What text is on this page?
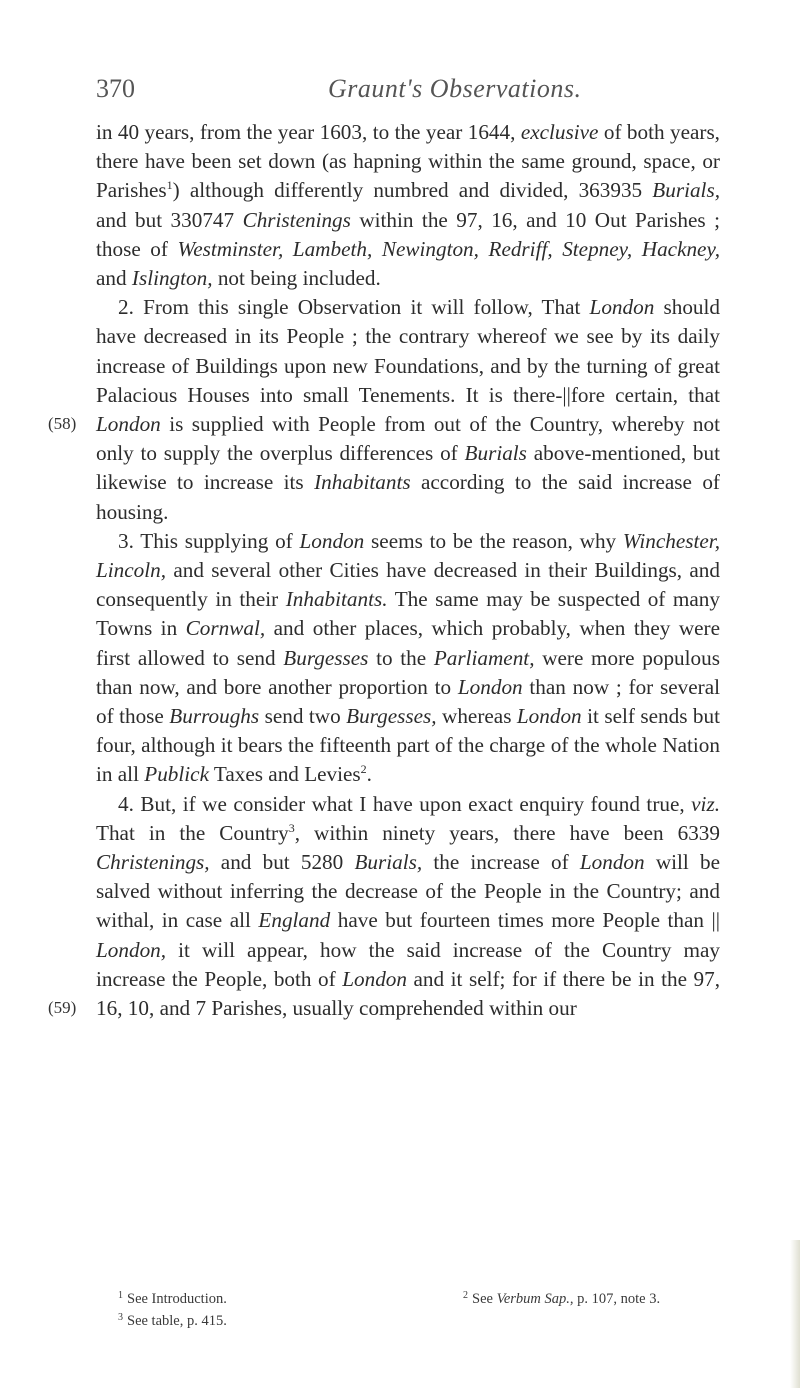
370	Graunt's Observations.
(58)
(59)

in 40 years, from the year 1603, to the year 1644, exclusive of both years, there have been set down (as hapning within the same ground, space, or Parishes$^1$) although differently numbred and divided, 363935 Burials, and but 330747 Christenings within the 97, 16, and 10 Out Parishes ; those of Westminster, Lambeth, Newington, Redriff, Stepney, Hackney, and Islington, not being included.

2. From this single Observation it will follow, That London should have decreased in its People ; the contrary whereof we see by its daily increase of Buildings upon new Foundations, and by the turning of great Palacious Houses into small Tenements. It is there-||fore certain, that London is supplied with People from out of the Country, whereby not only to supply the overplus differences of Burials above-mentioned, but likewise to increase its Inhabitants according to the said increase of housing.

3. This supplying of London seems to be the reason, why Winchester, Lincoln, and several other Cities have decreased in their Buildings, and consequently in their Inhabitants. The same may be suspected of many Towns in Cornwal, and other places, which probably, when they were first allowed to send Burgesses to the Parliament, were more populous than now, and bore another proportion to London than now ; for several of those Burroughs send two Burgesses, whereas London it self sends but four, although it bears the fifteenth part of the charge of the whole Nation in all Publick Taxes and Levies$^2$.

4. But, if we consider what I have upon exact enquiry found true, viz. That in the Country$^3$, within ninety years, there have been 6339 Christenings, and but 5280 Burials, the increase of London will be salved without inferring the decrease of the People in the Country; and withal, in case all England have but fourteen times more People than || London, it will appear, how the said increase of the Country may increase the People, both of London and it self; for if there be in the 97, 16, 10, and 7 Parishes, usually comprehended within our

$^1$ See Introduction.	$^2$ See Verbum Sap., p. 107, note 3.
$^3$ See table, p. 415.
